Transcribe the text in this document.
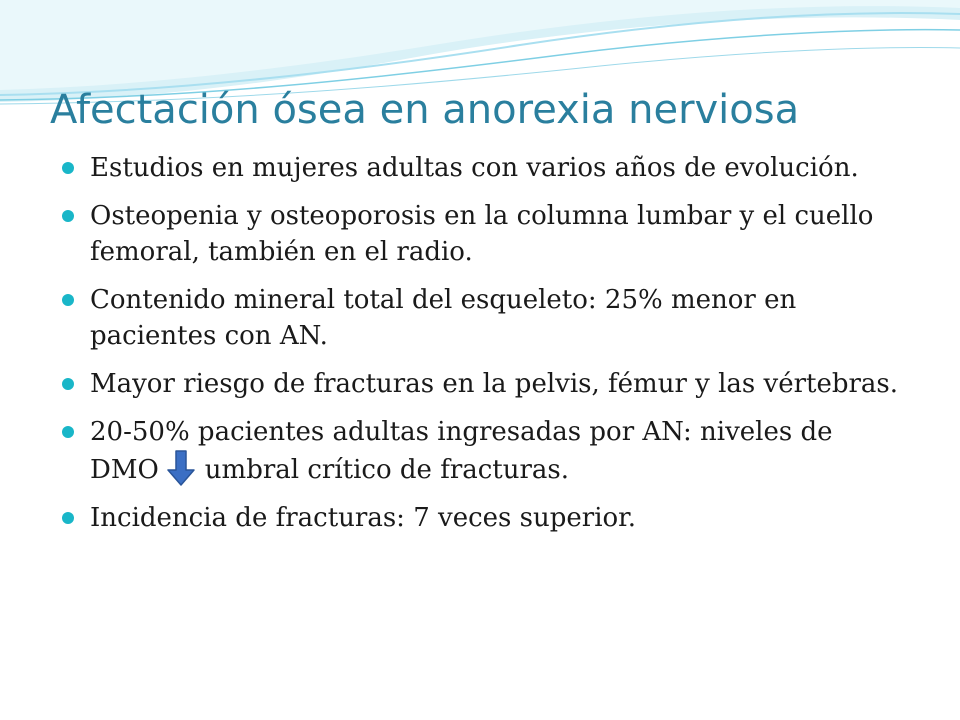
Afectación ósea en anorexia nerviosa
Estudios en mujeres adultas con varios años de evolución.
Osteopenia y osteoporosis en la columna lumbar y el cuello femoral, también en el radio.
Contenido mineral total del esqueleto: 25% menor en pacientes con AN.
Mayor riesgo de fracturas en la pelvis, fémur y las vértebras.
20-50% pacientes adultas ingresadas por AN: niveles de DMO umbral crítico de fracturas.
Incidencia de fracturas: 7 veces superior.
